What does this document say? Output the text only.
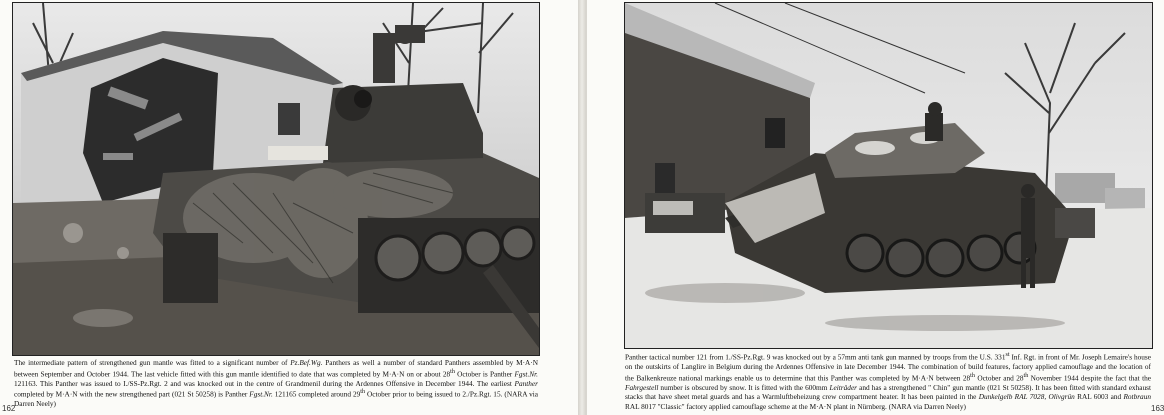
The intermediate pattern of strengthened gun mantle was fitted to a significant number of Pz.Bef.Wg. Panthers as well a number of standard Panthers assembled by M·A·N between September and October 1944. The last vehicle fitted with this gun mantle identified to date that was completed by M·A·N on or about 28th October is Panther Fgst.Nr. 121163. This Panther was issued to I./SS-Pz.Rgt. 2 and was knocked out in the centre of Grandmenil during the Ardennes Offensive in December 1944. The earliest Panther completed by M·A·N with the new strengthened part (021 St 50258) is Panther Fgst.Nr. 121165 completed around 29th October prior to being issued to 2./Pz.Rgt. 15. (NARA via Darren Neely)
162
Panther tactical number 121 from 1./SS-Pz.Rgt. 9 was knocked out by a 57mm anti tank gun manned by troops from the U.S. 331st Inf. Rgt. in front of Mr. Joseph Lemaire's house on the outskirts of Langlire in Belgium during the Ardennes Offensive in late December 1944. The combination of build features, factory applied camouflage and the location of the Balkenkreuze national markings enable us to determine that this Panther was completed by M·A·N between 28th October and 28th November 1944 despite the fact that the Fahrgestell number is obscured by snow. It is fitted with the 600mm Leiträder and has a strengthened " Chin" gun mantle (021 St 50258). It has been fitted with standard exhaust stacks that have sheet metal guards and has a Warmluftbeheizung crew compartment heater. It has been painted in the Dunkelgelb RAL 7028, Olivgrün RAL 6003 and Rotbraun RAL 8017 "Classic" factory applied camouflage scheme at the M·A·N plant in Nürnberg. (NARA via Darren Neely)	163
